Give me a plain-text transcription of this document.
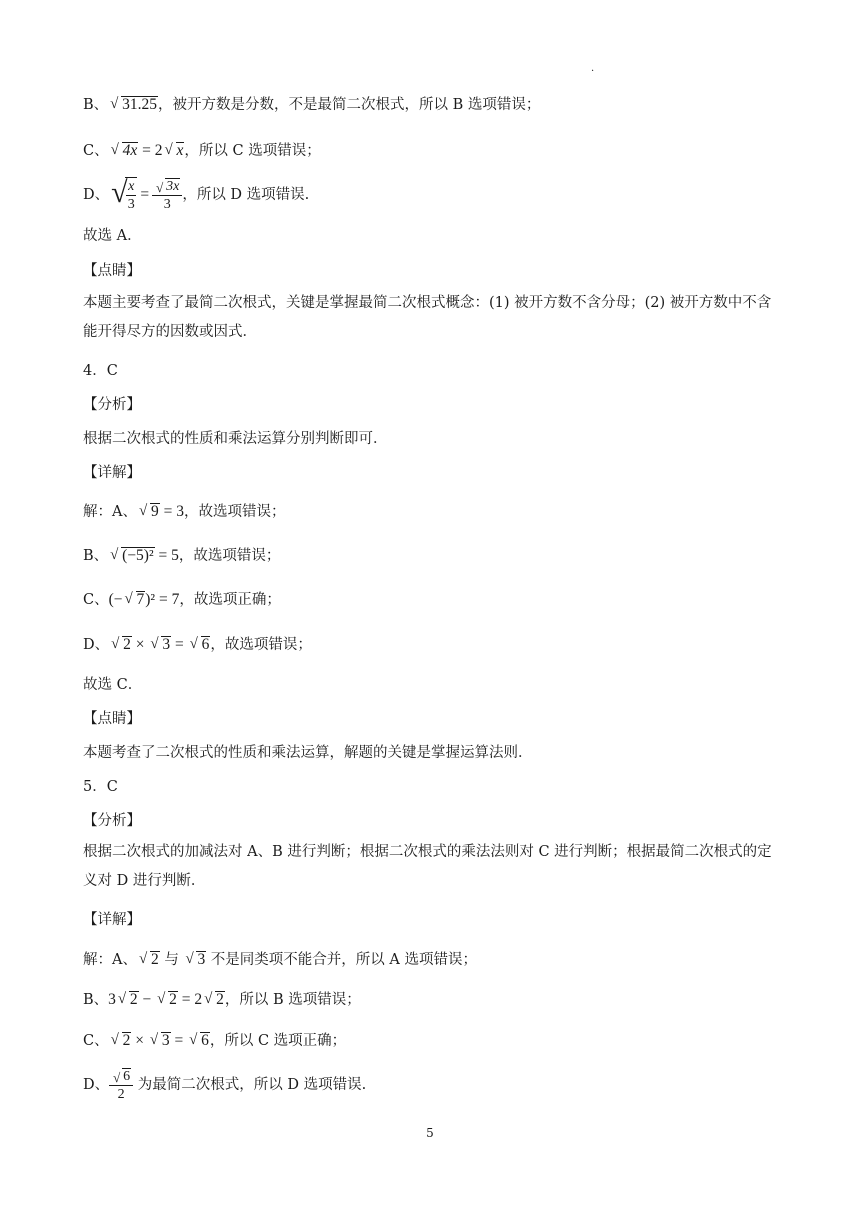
.
B、 √ 31.25，被开方数是分数，不是最简二次根式，所以 B 选项错误；
C、 √ 4x = 2 √ x，所以 C 选项错误；
D、 √
$\frac{x}{3} = \frac{√ 3x}{3}$ ，所以 D 选项错误.
故选 A．
【点睛】
本题主要考查了最简二次根式，关键是掌握最简二次根式概念：(1) 被开方数不含分母；(2) 被开方数中不含能开得尽方的因数或因式．
4．C
【分析】
根据二次根式的性质和乘法运算分别判断即可．
【详解】
解：A、 √ 9 = 3，故选项错误；
B、 √ (−5)² = 5，故选项错误；
C、(− √ 7)² = 7，故选项正确；
D、 √ 2 × √ 3 = √ 6，故选项错误；
故选 C．
【点睛】
本题考查了二次根式的性质和乘法运算，解题的关键是掌握运算法则．
5．C
【分析】
根据二次根式的加减法对 A、B 进行判断；根据二次根式的乘法法则对 C 进行判断；根据最简二次根式的定义对 D 进行判断．
【详解】
解：A、 √ 2 与 √ 3 不是同类项不能合并，所以 A 选项错误；
B、3 √ 2 − √ 2 = 2 √ 2，所以 B 选项错误；
C、 √ 2 × √ 3 = √ 6，所以 C 选项正确；
D、 $\frac{√ 6}{2}$ 为最简二次根式，所以 D 选项错误.
5
